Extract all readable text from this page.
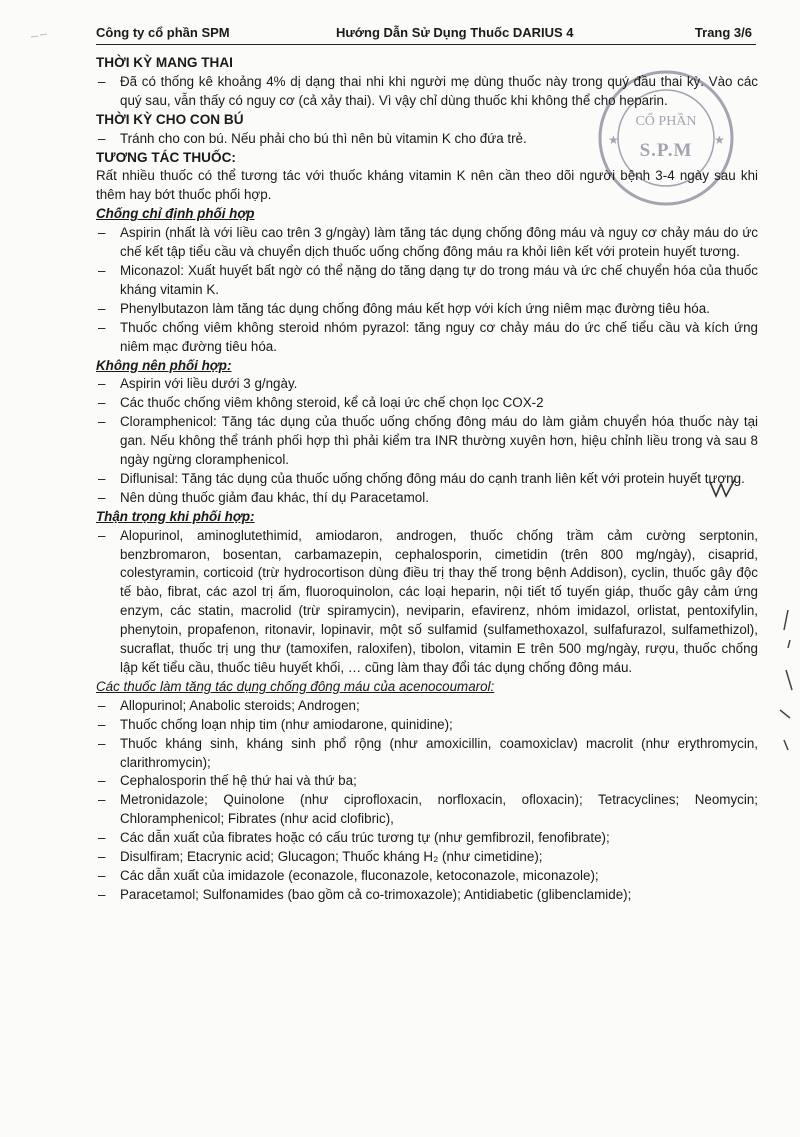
Công ty cổ phần SPM	Hướng Dẫn Sử Dụng Thuốc DARIUS 4	Trang 3/6
★	★
CỔ PHẦN
S.P.M

THỜI KỲ MANG THAI

– Đã có thống kê khoảng 4% dị dạng thai nhi khi người mẹ dùng thuốc này trong quý đầu thai kỳ. Vào các quý sau, vẫn thấy có nguy cơ (cả xảy thai). Vì vậy chỉ dùng thuốc khi không thể cho heparin.

THỜI KỲ CHO CON BÚ

– Tránh cho con bú. Nếu phải cho bú thì nên bù vitamin K cho đứa trẻ.

TƯƠNG TÁC THUỐC:

Rất nhiều thuốc có thể tương tác với thuốc kháng vitamin K nên cần theo dõi người bệnh 3-4 ngày sau khi thêm hay bớt thuốc phối hợp.

Chống chỉ định phối hợp

– Aspirin (nhất là với liều cao trên 3 g/ngày) làm tăng tác dụng chống đông máu và nguy cơ chảy máu do ức chế kết tập tiểu cầu và chuyển dịch thuốc uống chống đông máu ra khỏi liên kết với protein huyết tương.
– Miconazol: Xuất huyết bất ngờ có thể nặng do tăng dạng tự do trong máu và ức chế chuyển hóa của thuốc kháng vitamin K.
– Phenylbutazon làm tăng tác dụng chống đông máu kết hợp với kích ứng niêm mạc đường tiêu hóa.
– Thuốc chống viêm không steroid nhóm pyrazol: tăng nguy cơ chảy máu do ức chế tiểu cầu và kích ứng niêm mạc đường tiêu hóa.

Không nên phối hợp:

– Aspirin với liều dưới 3 g/ngày.
– Các thuốc chống viêm không steroid, kể cả loại ức chế chọn lọc COX-2
– Cloramphenicol: Tăng tác dụng của thuốc uống chống đông máu do làm giảm chuyển hóa thuốc này tại gan. Nếu không thể tránh phối hợp thì phải kiểm tra INR thường xuyên hơn, hiệu chỉnh liều trong và sau 8 ngày ngừng cloramphenicol.
– Diflunisal: Tăng tác dụng của thuốc uống chống đông máu do cạnh tranh liên kết với protein huyết tương.
– Nên dùng thuốc giảm đau khác, thí dụ Paracetamol.

Thận trọng khi phối hợp:

– Alopurinol, aminoglutethimid, amiodaron, androgen, thuốc chống trầm cảm cường serptonin, benzbromaron, bosentan, carbamazepin, cephalosporin, cimetidin (trên 800 mg/ngày), cisaprid, colestyramin, corticoid (trừ hydrocortison dùng điều trị thay thế trong bệnh Addison), cyclin, thuốc gây độc tế bào, fibrat, các azol trị ấm, fluoroquinolon, các loại heparin, nội tiết tố tuyến giáp, thuốc gây cảm ứng enzym, các statin, macrolid (trừ spiramycin), neviparin, efavirenz, nhóm imidazol, orlistat, pentoxifylin, phenytoin, propafenon, ritonavir, lopinavir, một số sulfamid (sulfamethoxazol, sulfafurazol, sulfamethizol), sucraflat, thuốc trị ung thư (tamoxifen, raloxifen), tibolon, vitamin E trên 500 mg/ngày, rượu, thuốc chống lập kết tiểu cầu, thuốc tiêu huyết khối, … cũng làm thay đổi tác dụng chống đông máu.

Các thuốc làm tăng tác dụng chống đông máu của acenocoumarol:

– Allopurinol; Anabolic steroids; Androgen;
– Thuốc chống loạn nhịp tim (như amiodarone, quinidine);
– Thuốc kháng sinh, kháng sinh phổ rộng (như amoxicillin, coamoxiclav) macrolit (như erythromycin, clarithromycin);
– Cephalosporin thế hệ thứ hai và thứ ba;
– Metronidazole; Quinolone (như ciprofloxacin, norfloxacin, ofloxacin); Tetracyclines; Neomycin; Chloramphenicol; Fibrates (như acid clofibric),
– Các dẫn xuất của fibrates hoặc có cấu trúc tương tự (như gemfibrozil, fenofibrate);
– Disulfiram; Etacrynic acid; Glucagon; Thuốc kháng H₂ (như cimetidine);
– Các dẫn xuất của imidazole (econazole, fluconazole, ketoconazole, miconazole);
– Paracetamol; Sulfonamides (bao gồm cả co-trimoxazole); Antidiabetic (glibenclamide);
